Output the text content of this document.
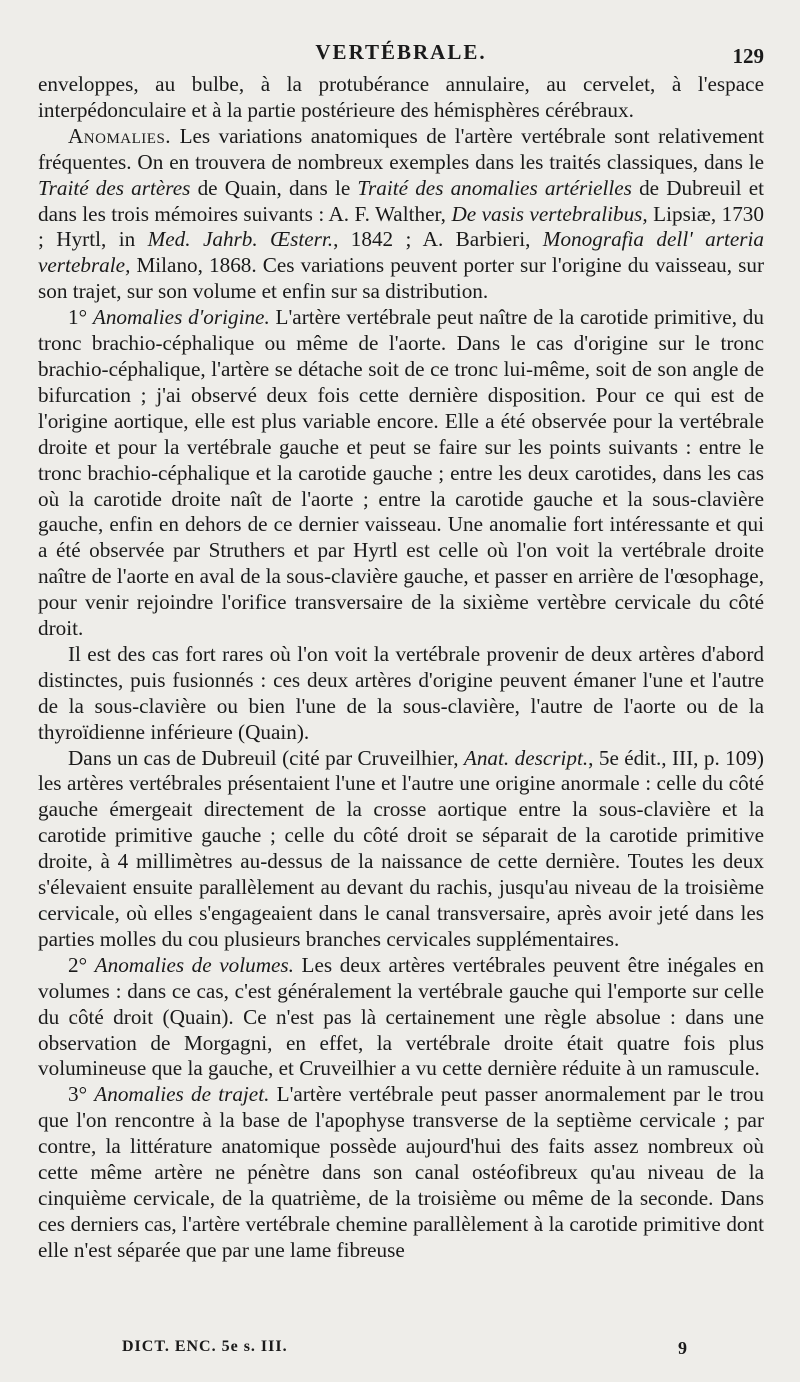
VERTÉBRALE.	129

enveloppes, au bulbe, à la protubérance annulaire, au cervelet, à l'espace interpédonculaire et à la partie postérieure des hémisphères cérébraux.

Anomalies. Les variations anatomiques de l'artère vertébrale sont relativement fréquentes. On en trouvera de nombreux exemples dans les traités classiques, dans le Traité des artères de Quain, dans le Traité des anomalies artérielles de Dubreuil et dans les trois mémoires suivants : A. F. Walther, De vasis vertebralibus, Lipsiæ, 1730 ; Hyrtl, in Med. Jahrb. Œsterr., 1842 ; A. Barbieri, Monografia dell' arteria vertebrale, Milano, 1868. Ces variations peuvent porter sur l'origine du vaisseau, sur son trajet, sur son volume et enfin sur sa distribution.

1° Anomalies d'origine. L'artère vertébrale peut naître de la carotide primitive, du tronc brachio-céphalique ou même de l'aorte. Dans le cas d'origine sur le tronc brachio-céphalique, l'artère se détache soit de ce tronc lui-même, soit de son angle de bifurcation ; j'ai observé deux fois cette dernière disposition. Pour ce qui est de l'origine aortique, elle est plus variable encore. Elle a été observée pour la vertébrale droite et pour la vertébrale gauche et peut se faire sur les points suivants : entre le tronc brachio-céphalique et la carotide gauche ; entre les deux carotides, dans les cas où la carotide droite naît de l'aorte ; entre la carotide gauche et la sous-clavière gauche, enfin en dehors de ce dernier vaisseau. Une anomalie fort intéressante et qui a été observée par Struthers et par Hyrtl est celle où l'on voit la vertébrale droite naître de l'aorte en aval de la sous-clavière gauche, et passer en arrière de l'œsophage, pour venir rejoindre l'orifice transversaire de la sixième vertèbre cervicale du côté droit.

Il est des cas fort rares où l'on voit la vertébrale provenir de deux artères d'abord distinctes, puis fusionnés : ces deux artères d'origine peuvent émaner l'une et l'autre de la sous-clavière ou bien l'une de la sous-clavière, l'autre de l'aorte ou de la thyroïdienne inférieure (Quain).

Dans un cas de Dubreuil (cité par Cruveilhier, Anat. descript., 5e édit., III, p. 109) les artères vertébrales présentaient l'une et l'autre une origine anormale : celle du côté gauche émergeait directement de la crosse aortique entre la sous-clavière et la carotide primitive gauche ; celle du côté droit se séparait de la carotide primitive droite, à 4 millimètres au-dessus de la naissance de cette dernière. Toutes les deux s'élevaient ensuite parallèlement au devant du rachis, jusqu'au niveau de la troisième cervicale, où elles s'engageaient dans le canal transversaire, après avoir jeté dans les parties molles du cou plusieurs branches cervicales supplémentaires.

2° Anomalies de volumes. Les deux artères vertébrales peuvent être inégales en volumes : dans ce cas, c'est généralement la vertébrale gauche qui l'emporte sur celle du côté droit (Quain). Ce n'est pas là certainement une règle absolue : dans une observation de Morgagni, en effet, la vertébrale droite était quatre fois plus volumineuse que la gauche, et Cruveilhier a vu cette dernière réduite à un ramuscule.

3° Anomalies de trajet. L'artère vertébrale peut passer anormalement par le trou que l'on rencontre à la base de l'apophyse transverse de la septième cervicale ; par contre, la littérature anatomique possède aujourd'hui des faits assez nombreux où cette même artère ne pénètre dans son canal ostéofibreux qu'au niveau de la cinquième cervicale, de la quatrième, de la troisième ou même de la seconde. Dans ces derniers cas, l'artère vertébrale chemine parallèlement à la carotide primitive dont elle n'est séparée que par une lame fibreuse

DICT. ENC. 5e s. III.	9
